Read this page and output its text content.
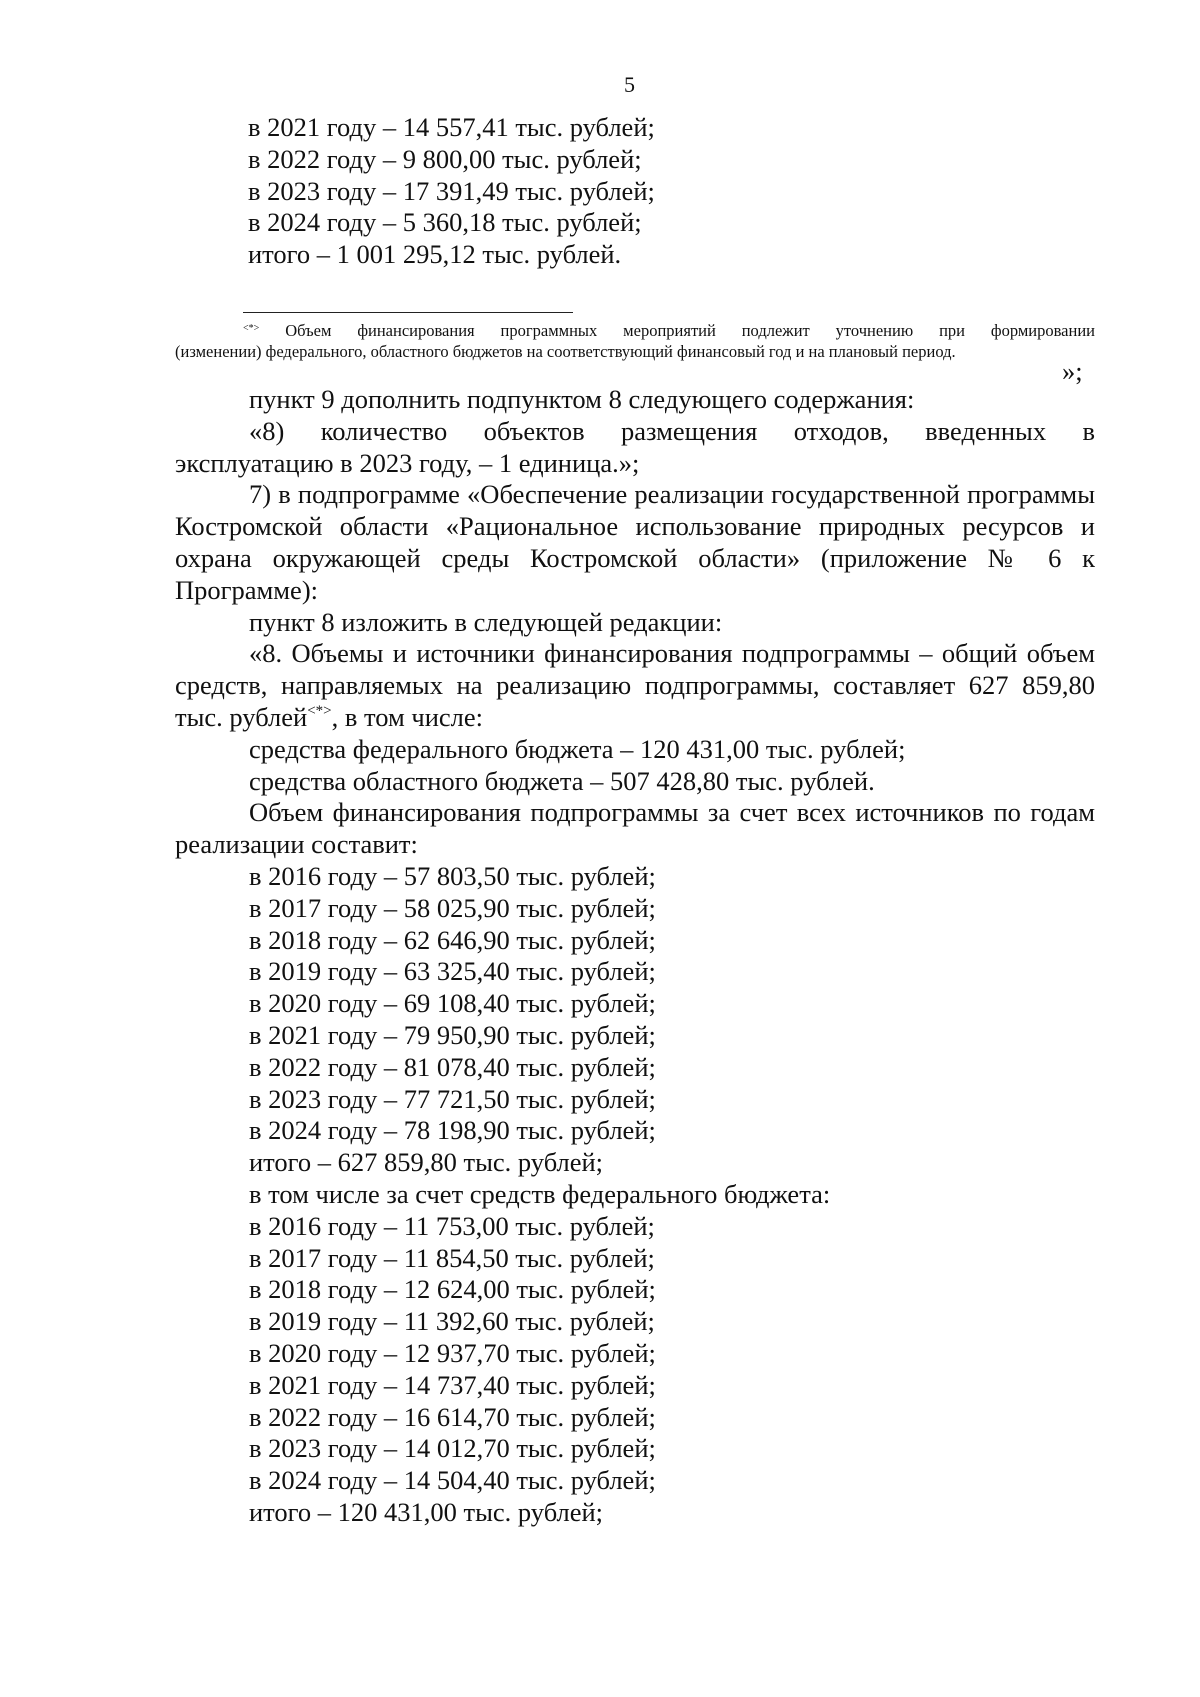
5
в 2021 году – 14 557,41 тыс. рублей;
в 2022 году – 9 800,00 тыс. рублей;
в 2023 году – 17 391,49 тыс. рублей;
в 2024 году – 5 360,18 тыс. рублей;
итого – 1 001 295,12 тыс. рублей.
<*> Объем финансирования программных мероприятий подлежит уточнению при формировании
(изменении) федерального, областного бюджетов на соответствующий финансовый год и на плановый период.
»;
пункт 9 дополнить подпунктом 8 следующего содержания:
«8) количество объектов размещения отходов, введенных в
эксплуатацию в 2023 году, – 1 единица.»;
7) в подпрограмме «Обеспечение реализации государственной программы Костромской области «Рациональное использование природных ресурсов и охрана окружающей среды Костромской области» (приложение № 6 к Программе):
пункт 8 изложить в следующей редакции:
«8. Объемы и источники финансирования подпрограммы – общий объем средств, направляемых на реализацию подпрограммы, составляет 627 859,80 тыс. рублей<*>, в том числе:
средства федерального бюджета – 120 431,00 тыс. рублей;
средства областного бюджета – 507 428,80 тыс. рублей.
Объем финансирования подпрограммы за счет всех источников по годам реализации составит:
в 2016 году – 57 803,50 тыс. рублей;
в 2017 году – 58 025,90 тыс. рублей;
в 2018 году – 62 646,90 тыс. рублей;
в 2019 году – 63 325,40 тыс. рублей;
в 2020 году – 69 108,40 тыс. рублей;
в 2021 году – 79 950,90 тыс. рублей;
в 2022 году – 81 078,40 тыс. рублей;
в 2023 году – 77 721,50 тыс. рублей;
в 2024 году – 78 198,90 тыс. рублей;
итого – 627 859,80 тыс. рублей;
в том числе за счет средств федерального бюджета:
в 2016 году – 11 753,00 тыс. рублей;
в 2017 году – 11 854,50 тыс. рублей;
в 2018 году – 12 624,00 тыс. рублей;
в 2019 году – 11 392,60 тыс. рублей;
в 2020 году – 12 937,70 тыс. рублей;
в 2021 году – 14 737,40 тыс. рублей;
в 2022 году – 16 614,70 тыс. рублей;
в 2023 году – 14 012,70 тыс. рублей;
в 2024 году – 14 504,40 тыс. рублей;
итого – 120 431,00 тыс. рублей;
